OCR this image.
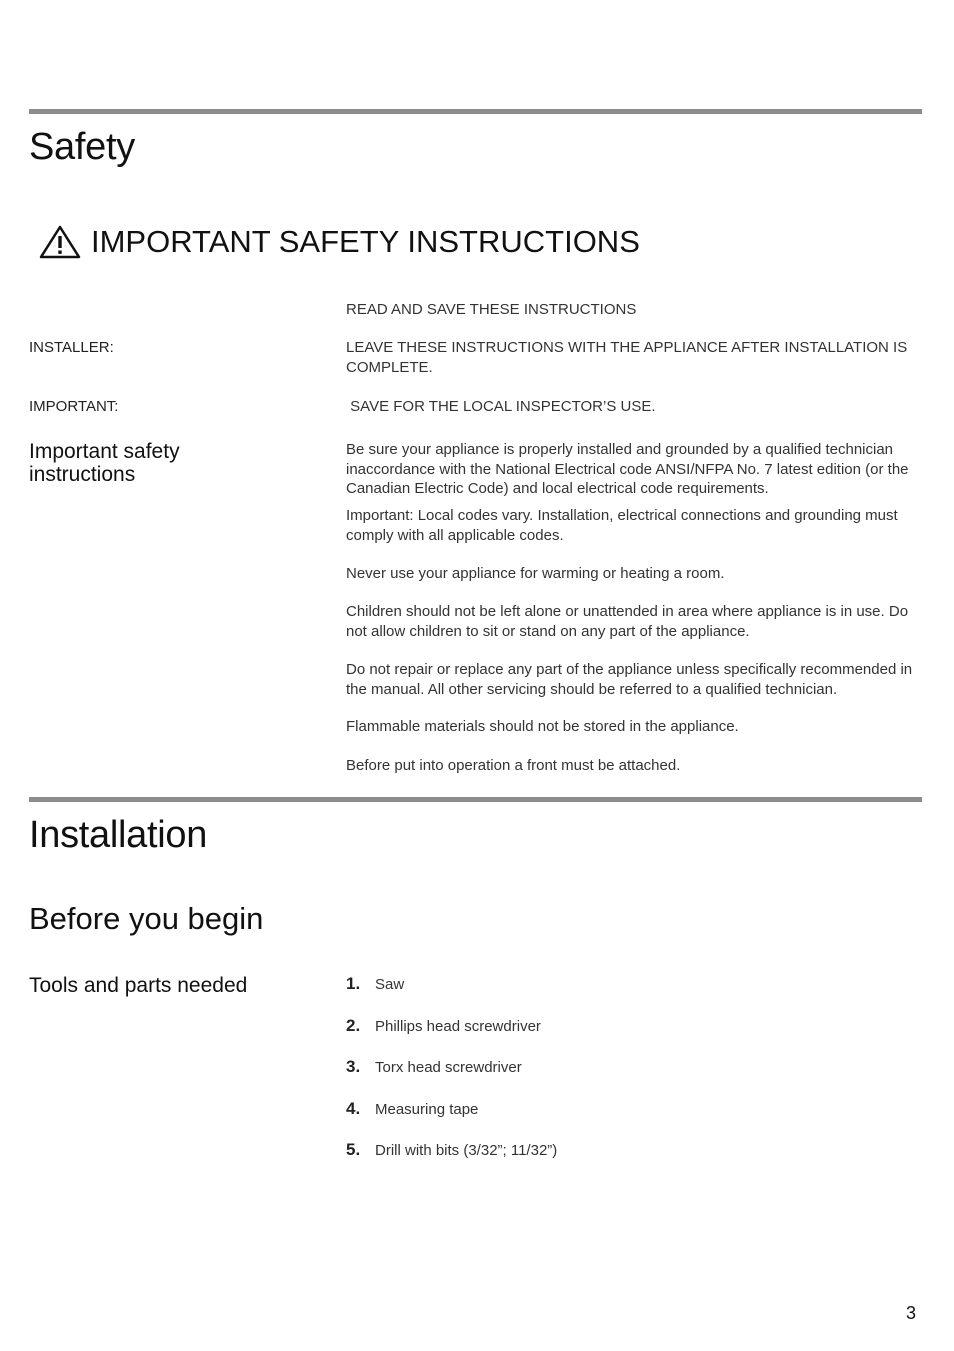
Safety
IMPORTANT SAFETY INSTRUCTIONS
READ AND SAVE THESE INSTRUCTIONS
INSTALLER:	LEAVE THESE INSTRUCTIONS WITH THE APPLIANCE AFTER INSTALLATION IS COMPLETE.
IMPORTANT:	SAVE FOR THE LOCAL INSPECTOR’S USE.
Important safety instructions
Be sure your appliance is properly installed and grounded by a qualified technician inaccordance with the National Electrical code ANSI/NFPA No. 7 latest edition (or the Canadian Electric Code) and local electrical code requirements.
Important: Local codes vary. Installation, electrical connections and grounding must comply with all applicable codes.
Never use your appliance for warming or heating a room.
Children should not be left alone or unattended in area where appliance is in use. Do not allow children to sit or stand on any part of the appliance.
Do not repair or replace any part of the appliance unless specifically recommended in the manual. All other servicing should be referred to a qualified technician.
Flammable materials should not be stored in the appliance.
Before put into operation a front must be attached.
Installation
Before you begin
Tools and parts needed	1. Saw
2. Phillips head screwdriver
3. Torx head screwdriver
4. Measuring tape
5. Drill with bits (3/32”; 11/32”)
3
